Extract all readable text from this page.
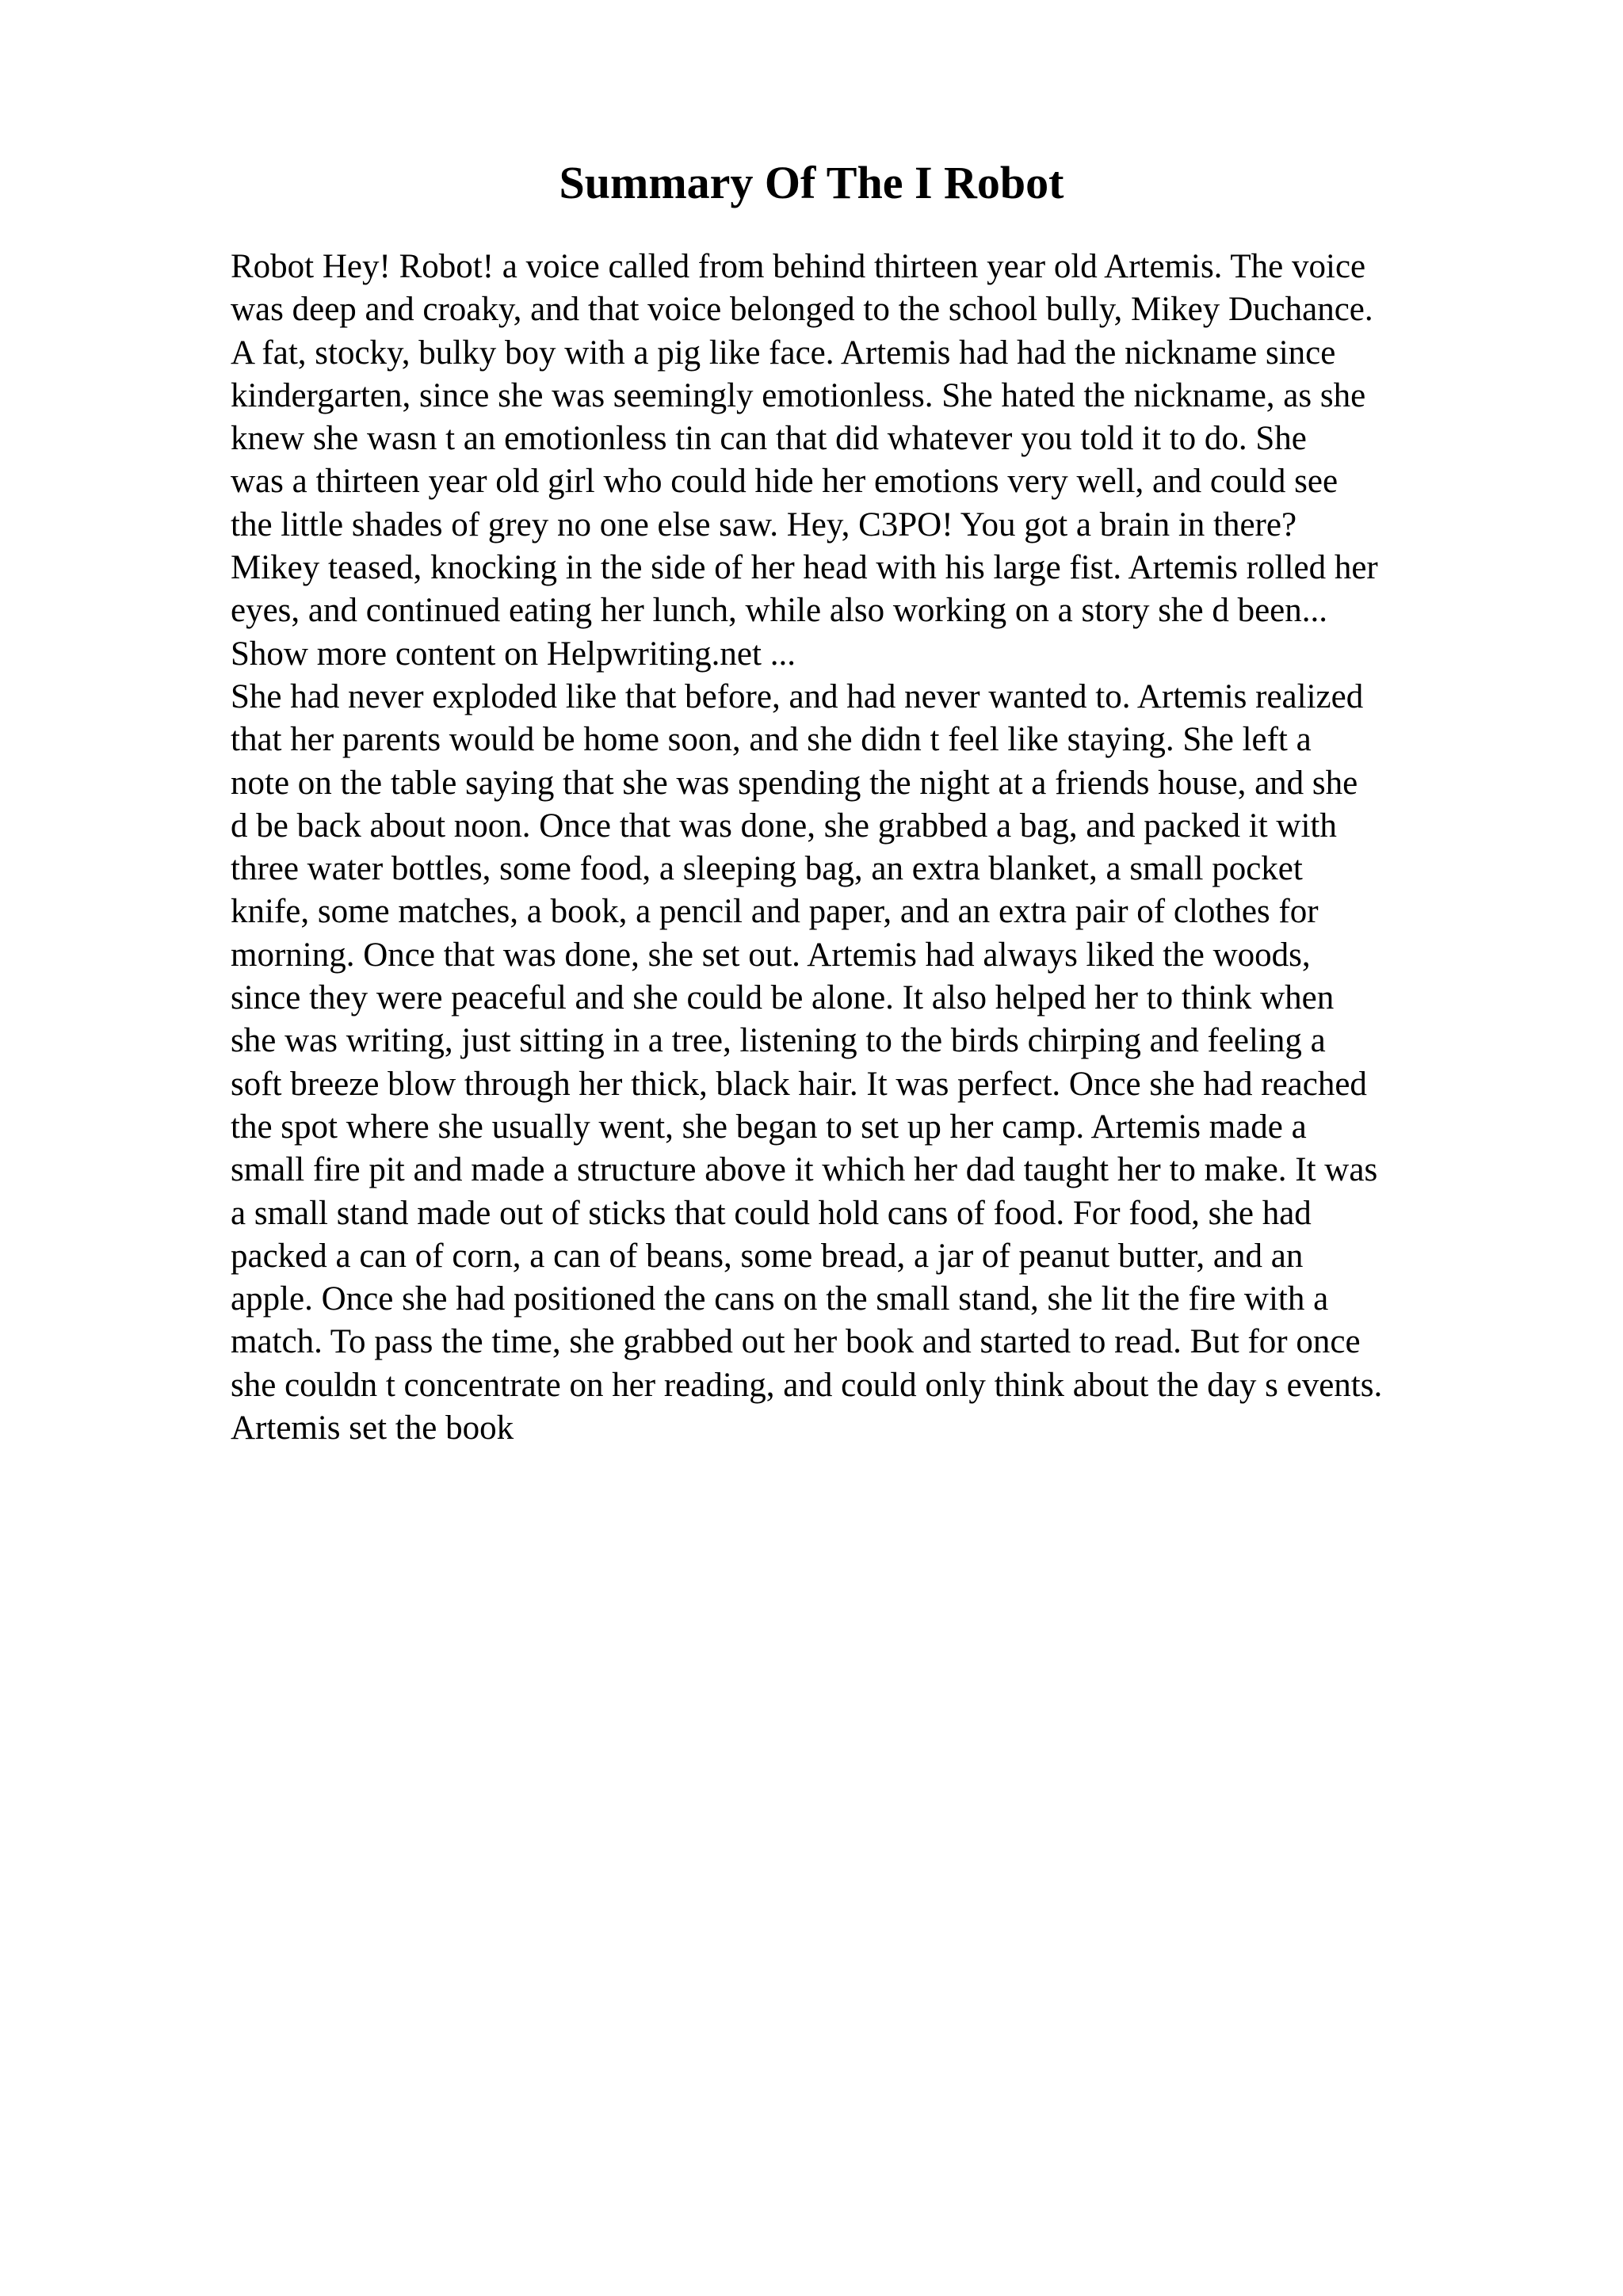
Summary Of The I Robot
Robot Hey! Robot! a voice called from behind thirteen year old Artemis. The voice
was deep and croaky, and that voice belonged to the school bully, Mikey Duchance.
A fat, stocky, bulky boy with a pig like face. Artemis had had the nickname since
kindergarten, since she was seemingly emotionless. She hated the nickname, as she
knew she wasn t an emotionless tin can that did whatever you told it to do. She
was a thirteen year old girl who could hide her emotions very well, and could see
the little shades of grey no one else saw. Hey, C3PO! You got a brain in there?
Mikey teased, knocking in the side of her head with his large fist. Artemis rolled her
eyes, and continued eating her lunch, while also working on a story she d been...
Show more content on Helpwriting.net ...
She had never exploded like that before, and had never wanted to. Artemis realized
that her parents would be home soon, and she didn t feel like staying. She left a
note on the table saying that she was spending the night at a friends house, and she
d be back about noon. Once that was done, she grabbed a bag, and packed it with
three water bottles, some food, a sleeping bag, an extra blanket, a small pocket
knife, some matches, a book, a pencil and paper, and an extra pair of clothes for
morning. Once that was done, she set out. Artemis had always liked the woods,
since they were peaceful and she could be alone. It also helped her to think when
she was writing, just sitting in a tree, listening to the birds chirping and feeling a
soft breeze blow through her thick, black hair. It was perfect. Once she had reached
the spot where she usually went, she began to set up her camp. Artemis made a
small fire pit and made a structure above it which her dad taught her to make. It was
a small stand made out of sticks that could hold cans of food. For food, she had
packed a can of corn, a can of beans, some bread, a jar of peanut butter, and an
apple. Once she had positioned the cans on the small stand, she lit the fire with a
match. To pass the time, she grabbed out her book and started to read. But for once
she couldn t concentrate on her reading, and could only think about the day s events.
Artemis set the book
